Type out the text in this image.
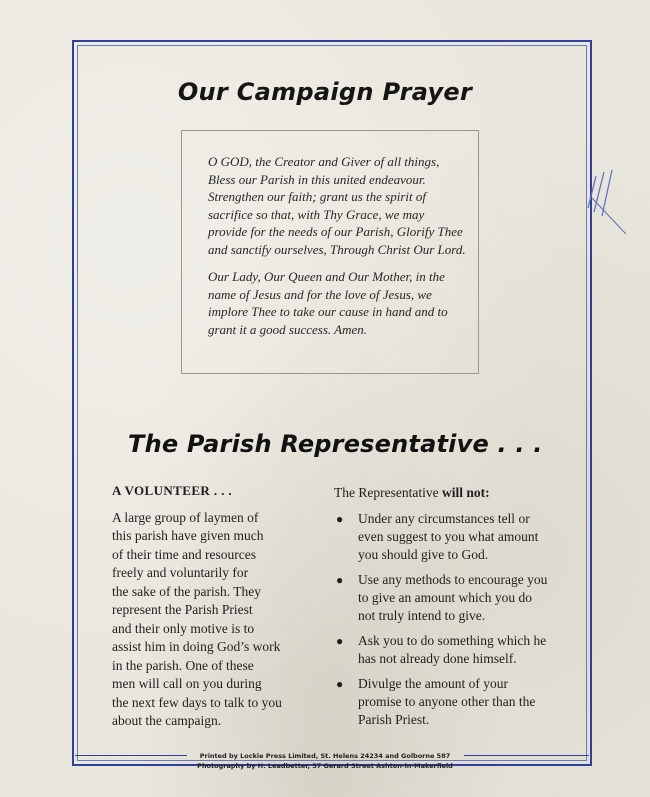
Our Campaign Prayer

O GOD, the Creator and Giver of all things, Bless our Parish in this united endeavour. Strengthen our faith; grant us the spirit of sacrifice so that, with Thy Grace, we may provide for the needs of our Parish, Glorify Thee and sanctify ourselves, Through Christ Our Lord.

Our Lady, Our Queen and Our Mother, in the name of Jesus and for the love of Jesus, we implore Thee to take our cause in hand and to grant it a good success. Amen.

The Parish Representative . . .
A VOLUNTEER . . .
A large group of laymen of
this parish have given much
of their time and resources
freely and voluntarily for
the sake of the parish. They
represent the Parish Priest
and their only motive is to
assist him in doing God’s work
in the parish. One of these
men will call on you during
the next few days to talk to you
about the campaign.
The Representative will not:
● Under any circumstances tell or even suggest to you what amount you should give to God.
● Use any methods to encourage you to give an amount which you do not truly intend to give.
● Ask you to do something which he has not already done himself.
● Divulge the amount of your promise to anyone other than the Parish Priest.
Printed by Lockie Press Limited, St. Helens 24234 and Golborne 587
Photography by H. Leadbetter, 57 Gerard Street Ashton-in-Makerfield
